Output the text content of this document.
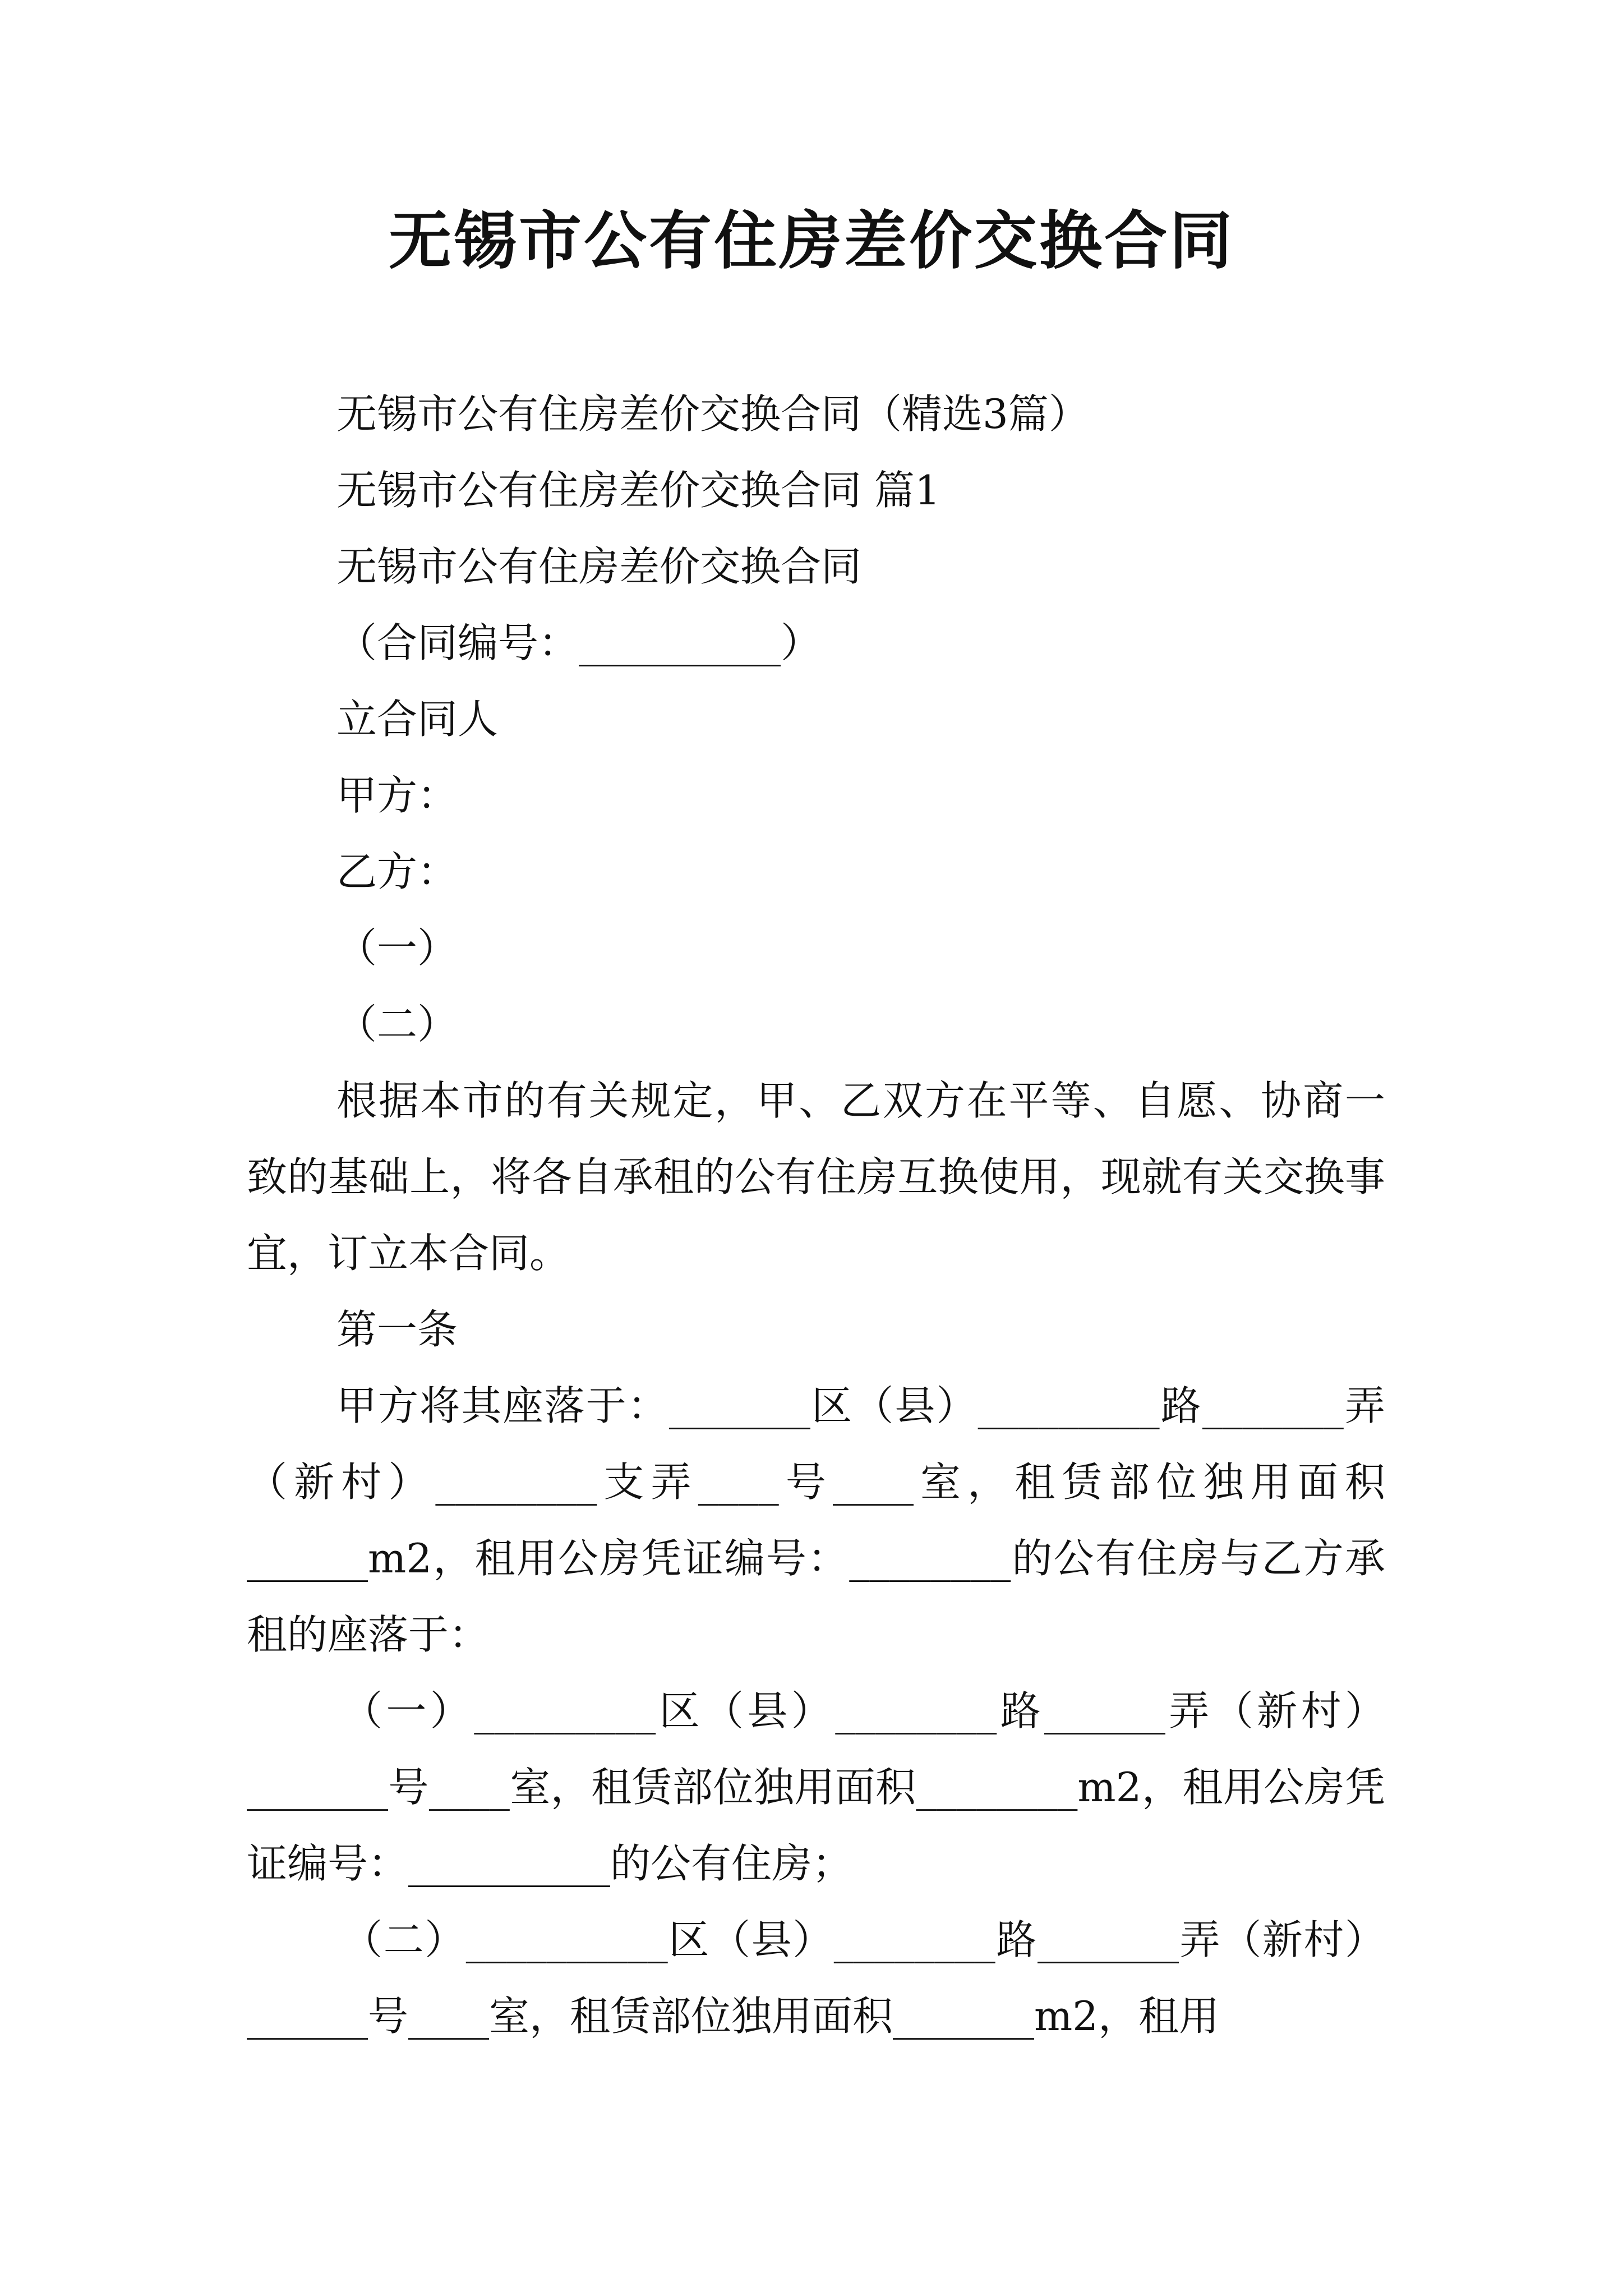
无锡市公有住房差价交换合同

无锡市公有住房差价交换合同（精选3篇）

无锡市公有住房差价交换合同 篇1

无锡市公有住房差价交换合同

（合同编号：__________）

立合同人

甲方：

乙方：

（一）

（二）

根据本市的有关规定，甲、乙双方在平等、自愿、协商一致的基础上，将各自承租的公有住房互换使用，现就有关交换事宜，订立本合同。

第一条

甲方将其座落于：_______区（县）_________路_______弄（新村）________支弄____号____室，租赁部位独用面积______m2，租用公房凭证编号：________的公有住房与乙方承租的座落于：

（一）_________区（县）________路______弄（新村）_______号____室，租赁部位独用面积________m2，租用公房凭证编号：__________的公有住房；

（二）__________区（县）________路_______弄（新村）______号____室，租赁部位独用面积_______m2，租用
